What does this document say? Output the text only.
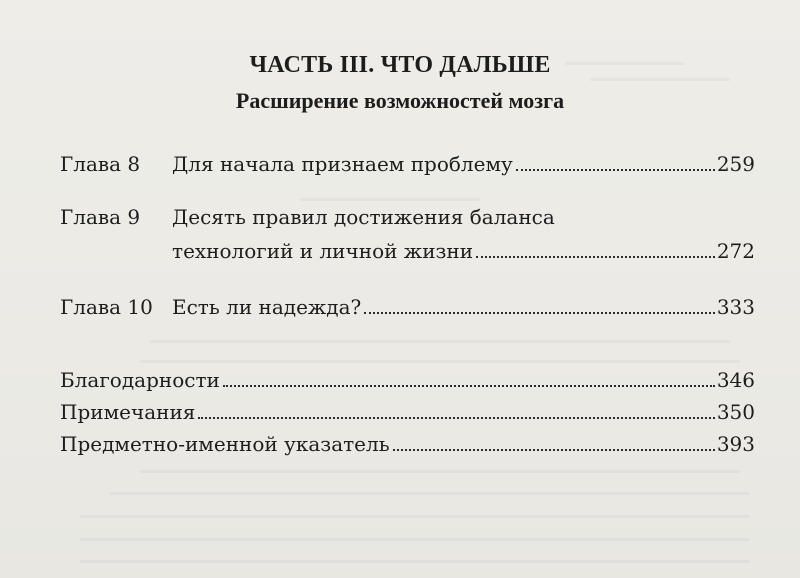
ЧАСТЬ III. ЧТО ДАЛЬШЕ
Расширение возможностей мозга
Глава 8 Для начала признаем проблему	259
Глава 9 Десять правил достижения баланса
технологий и личной жизни	272
Глава 10 Есть ли надежда?	333
Благодарности	346
Примечания	350
Предметно-именной указатель	393
